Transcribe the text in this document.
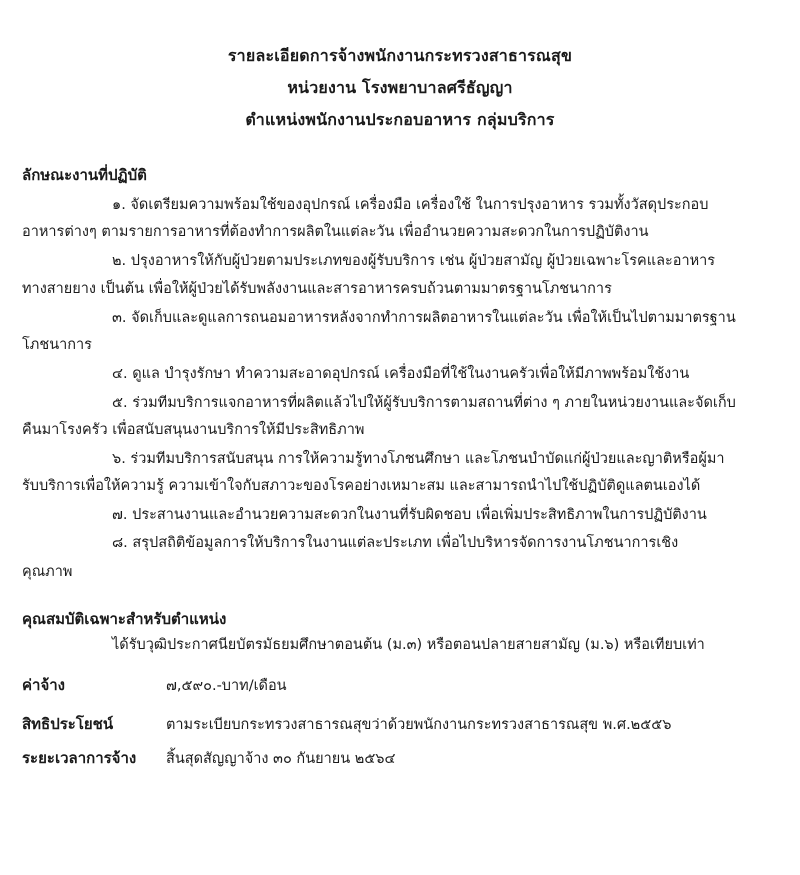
รายละเอียดการจ้างพนักงานกระทรวงสาธารณสุข
หน่วยงาน โรงพยาบาลศรีธัญญา
ตำแหน่งพนักงานประกอบอาหาร กลุ่มบริการ
ลักษณะงานที่ปฏิบัติ
๑. จัดเตรียมความพร้อมใช้ของอุปกรณ์ เครื่องมือ เครื่องใช้ ในการปรุงอาหาร รวมทั้งวัสดุประกอบ
อาหารต่างๆ ตามรายการอาหารที่ต้องทำการผลิตในแต่ละวัน เพื่ออำนวยความสะดวกในการปฏิบัติงาน
๒. ปรุงอาหารให้กับผู้ป่วยตามประเภทของผู้รับบริการ เช่น ผู้ป่วยสามัญ ผู้ป่วยเฉพาะโรคและอาหาร
ทางสายยาง เป็นต้น เพื่อให้ผู้ป่วยได้รับพลังงานและสารอาหารครบถ้วนตามมาตรฐานโภชนาการ
๓. จัดเก็บและดูแลการถนอมอาหารหลังจากทำการผลิตอาหารในแต่ละวัน เพื่อให้เป็นไปตามมาตรฐาน
โภชนาการ
๔. ดูแล บำรุงรักษา ทำความสะอาดอุปกรณ์ เครื่องมือที่ใช้ในงานครัวเพื่อให้มีภาพพร้อมใช้งาน
๕. ร่วมทีมบริการแจกอาหารที่ผลิตแล้วไปให้ผู้รับบริการตามสถานที่ต่าง ๆ ภายในหน่วยงานและจัดเก็บ
คืนมาโรงครัว เพื่อสนับสนุนงานบริการให้มีประสิทธิภาพ
๖. ร่วมทีมบริการสนับสนุน การให้ความรู้ทางโภชนศึกษา และโภชนบำบัดแก่ผู้ป่วยและญาติหรือผู้มา
รับบริการเพื่อให้ความรู้ ความเข้าใจกับสภาวะของโรคอย่างเหมาะสม และสามารถนำไปใช้ปฏิบัติดูแลตนเองได้
๗. ประสานงานและอำนวยความสะดวกในงานที่รับผิดชอบ เพื่อเพิ่มประสิทธิภาพในการปฏิบัติงาน
๘. สรุปสถิติข้อมูลการให้บริการในงานแต่ละประเภท เพื่อไปบริหารจัดการงานโภชนาการเชิง
คุณภาพ
คุณสมบัติเฉพาะสำหรับตำแหน่ง
ได้รับวุฒิประกาศนียบัตรมัธยมศึกษาตอนต้น (ม.๓) หรือตอนปลายสายสามัญ (ม.๖) หรือเทียบเท่า
ค่าจ้าง	๗,๕๙๐.-บาท/เดือน
สิทธิประโยชน์	ตามระเบียบกระทรวงสาธารณสุขว่าด้วยพนักงานกระทรวงสาธารณสุข พ.ศ.๒๕๕๖
ระยะเวลาการจ้าง สิ้นสุดสัญญาจ้าง ๓๐ กันยายน ๒๕๖๔
